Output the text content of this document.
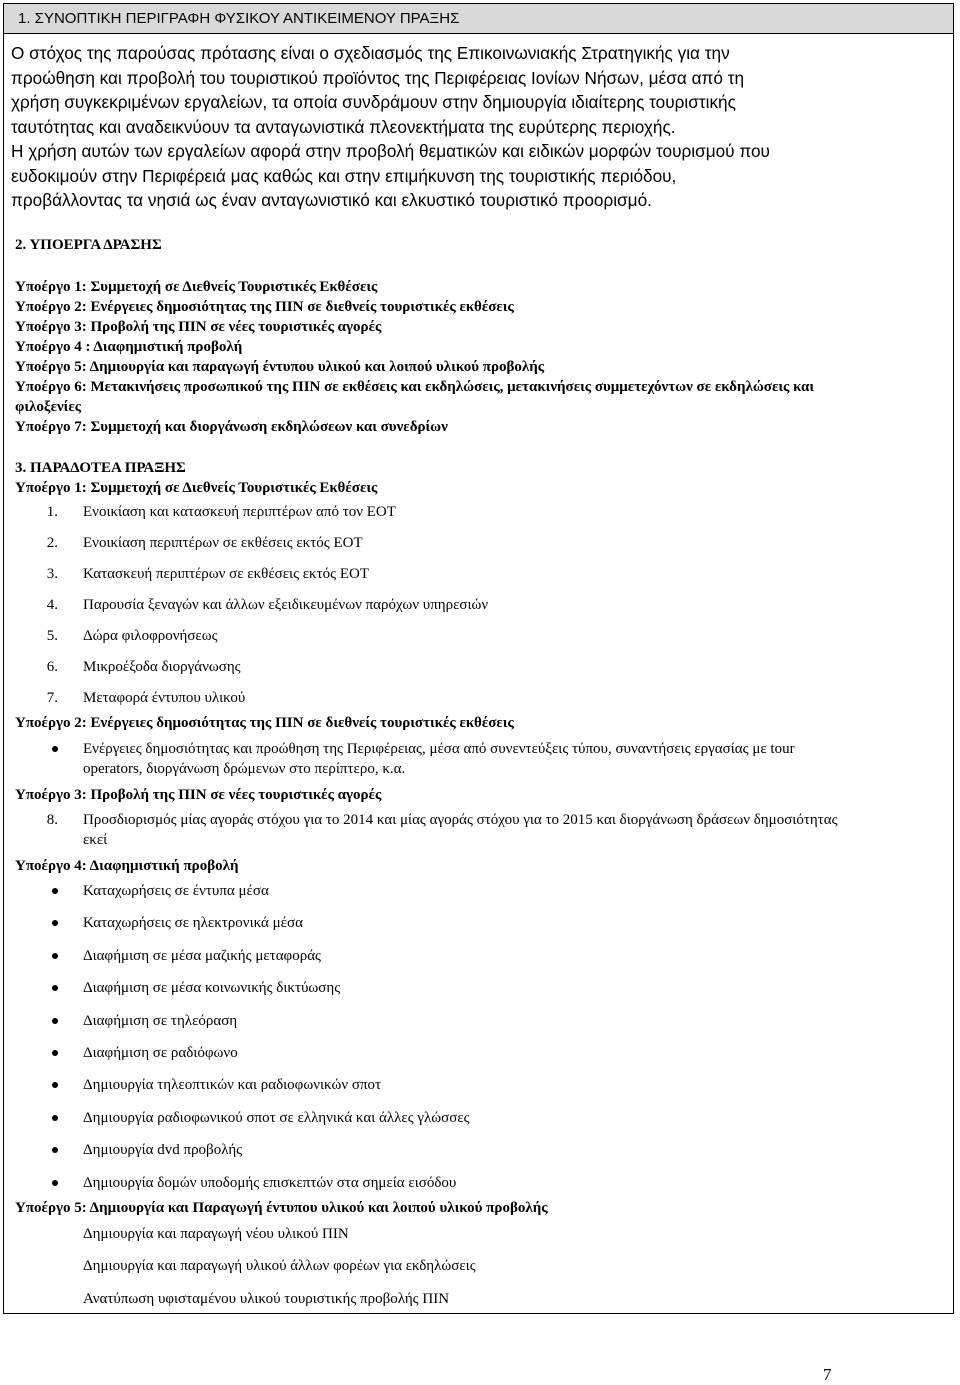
1. ΣΥΝΟΠΤΙΚΗ ΠΕΡΙΓΡΑΦΗ ΦΥΣΙΚΟΥ ΑΝΤΙΚΕΙΜΕΝΟΥ ΠΡΑΞΗΣ

Ο στόχος της παρούσας πρότασης είναι ο σχεδιασμός της Επικοινωνιακής Στρατηγικής για την

προώθηση και προβολή του τουριστικού προϊόντος της Περιφέρειας Ιονίων Νήσων, μέσα από τη

χρήση συγκεκριμένων εργαλείων, τα οποία συνδράμουν στην δημιουργία ιδιαίτερης τουριστικής

ταυτότητας και αναδεικνύουν τα ανταγωνιστικά πλεονεκτήματα της ευρύτερης περιοχής.

Η χρήση αυτών των εργαλείων αφορά στην προβολή θεματικών και ειδικών μορφών τουρισμού που

ευδοκιμούν στην Περιφέρειά μας καθώς και στην επιμήκυνση της τουριστικής περιόδου,

προβάλλοντας τα νησιά ως έναν ανταγωνιστικό και ελκυστικό τουριστικό προορισμό.

2. ΥΠΟΕΡΓΑ ΔΡΑΣΗΣ
Υποέργο 1: Συμμετοχή σε Διεθνείς Τουριστικές Εκθέσεις
Υποέργο 2: Ενέργειες δημοσιότητας της ΠΙΝ σε διεθνείς τουριστικές εκθέσεις
Υποέργο 3: Προβολή της ΠΙΝ σε νέες τουριστικές αγορές
Υποέργο 4 : Διαφημιστική προβολή
Υποέργο 5: Δημιουργία και παραγωγή έντυπου υλικού και λοιπού υλικού προβολής
Υποέργο 6: Μετακινήσεις προσωπικού της ΠΙΝ σε εκθέσεις και εκδηλώσεις, μετακινήσεις συμμετεχόντων σε εκδηλώσεις και
φιλοξενίες
Υποέργο 7: Συμμετοχή και διοργάνωση εκδηλώσεων και συνεδρίων
3. ΠΑΡΑΔΟΤΕΑ ΠΡΑΞΗΣ
Υποέργο 1: Συμμετοχή σε Διεθνείς Τουριστικές Εκθέσεις
1. Ενοικίαση και κατασκευή περιπτέρων από τον ΕΟΤ
2. Ενοικίαση περιπτέρων σε εκθέσεις εκτός ΕΟΤ
3. Κατασκευή περιπτέρων σε εκθέσεις εκτός ΕΟΤ
4. Παρουσία ξεναγών και άλλων εξειδικευμένων παρόχων υπηρεσιών
5. Δώρα φιλοφρονήσεως
6. Μικροέξοδα διοργάνωσης
7. Μεταφορά έντυπου υλικού
Υποέργο 2: Ενέργειες δημοσιότητας της ΠΙΝ σε διεθνείς τουριστικές εκθέσεις
Ενέργειες δημοσιότητας και προώθηση της Περιφέρειας, μέσα από συνεντεύξεις τύπου, συναντήσεις εργασίας με tour
operators, διοργάνωση δρώμενων στο περίπτερο, κ.α.
Υποέργο 3: Προβολή της ΠΙΝ σε νέες τουριστικές αγορές
8. Προσδιορισμός μίας αγοράς στόχου για το 2014 και μίας αγοράς στόχου για το 2015 και διοργάνωση δράσεων δημοσιότητας
εκεί
Υποέργο 4: Διαφημιστική προβολή
Καταχωρήσεις σε έντυπα μέσα
Καταχωρήσεις σε ηλεκτρονικά μέσα
Διαφήμιση σε μέσα μαζικής μεταφοράς
Διαφήμιση σε μέσα κοινωνικής δικτύωσης
Διαφήμιση σε τηλεόραση
Διαφήμιση σε ραδιόφωνο
Δημιουργία τηλεοπτικών και ραδιοφωνικών σποτ
Δημιουργία ραδιοφωνικού σποτ σε ελληνικά και άλλες γλώσσες
Δημιουργία dvd προβολής
Δημιουργία δομών υποδομής επισκεπτών στα σημεία εισόδου
Υποέργο 5: Δημιουργία και Παραγωγή έντυπου υλικού και λοιπού υλικού προβολής
Δημιουργία και παραγωγή νέου υλικού ΠΙΝ
Δημιουργία και παραγωγή υλικού άλλων φορέων για εκδηλώσεις
Ανατύπωση υφισταμένου υλικού τουριστικής προβολής ΠΙΝ
7
